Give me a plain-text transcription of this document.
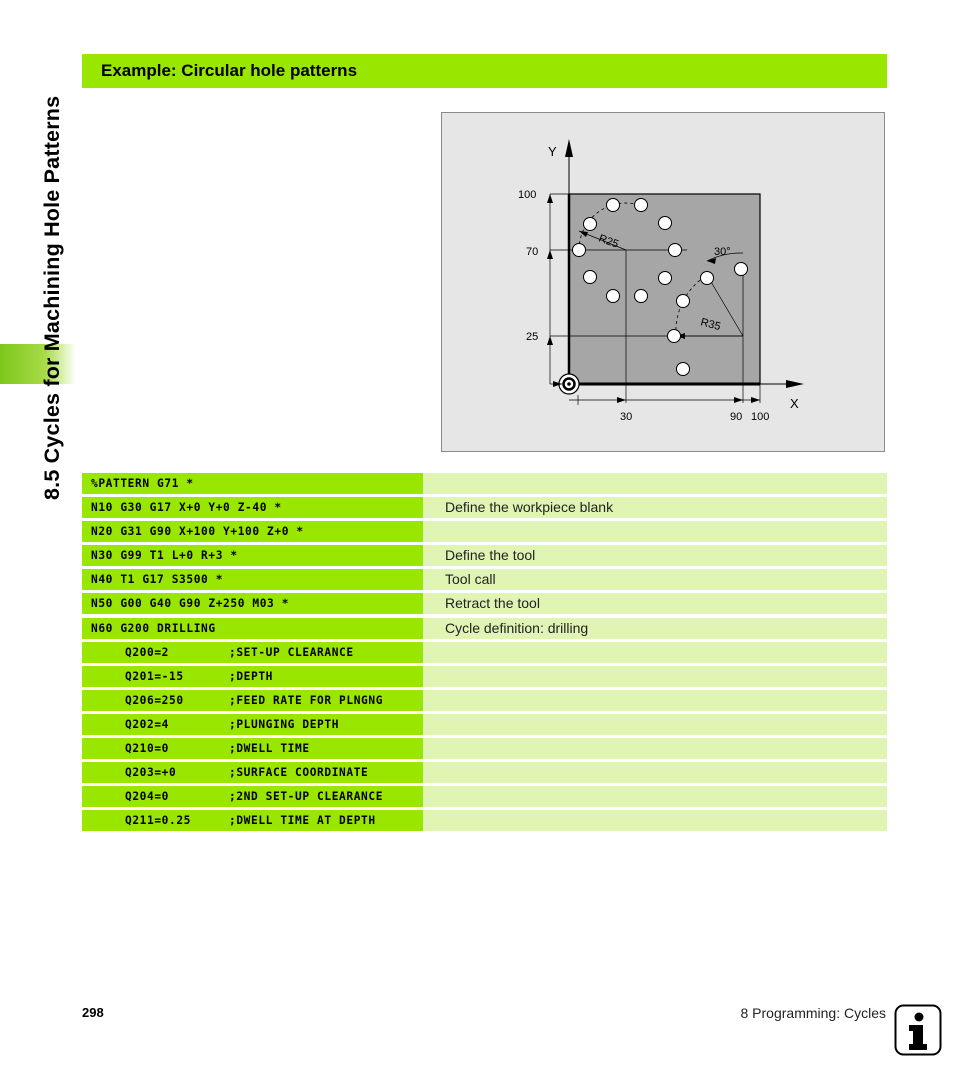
8.5 Cycles for Machining Hole Patterns
Example: Circular hole patterns
Y
X
100
70
25
30	90 100
R25
R35
30°
%PATTERN G71 *
N10 G30 G17 X+0 Y+0 Z-40 *	Define the workpiece blank
N20 G31 G90 X+100 Y+100 Z+0 *
N30 G99 T1 L+0 R+3 *	Define the tool
N40 T1 G17 S3500 *	Tool call
N50 G00 G40 G90 Z+250 M03 *	Retract the tool
N60 G200 DRILLING	Cycle definition: drilling
Q200=2	;SET-UP CLEARANCE
Q201=-15	;DEPTH
Q206=250	;FEED RATE FOR PLNGNG
Q202=4	;PLUNGING DEPTH
Q210=0	;DWELL TIME
Q203=+0	;SURFACE COORDINATE
Q204=0	;2ND SET-UP CLEARANCE
Q211=0.25	;DWELL TIME AT DEPTH
298	8 Programming: Cycles
